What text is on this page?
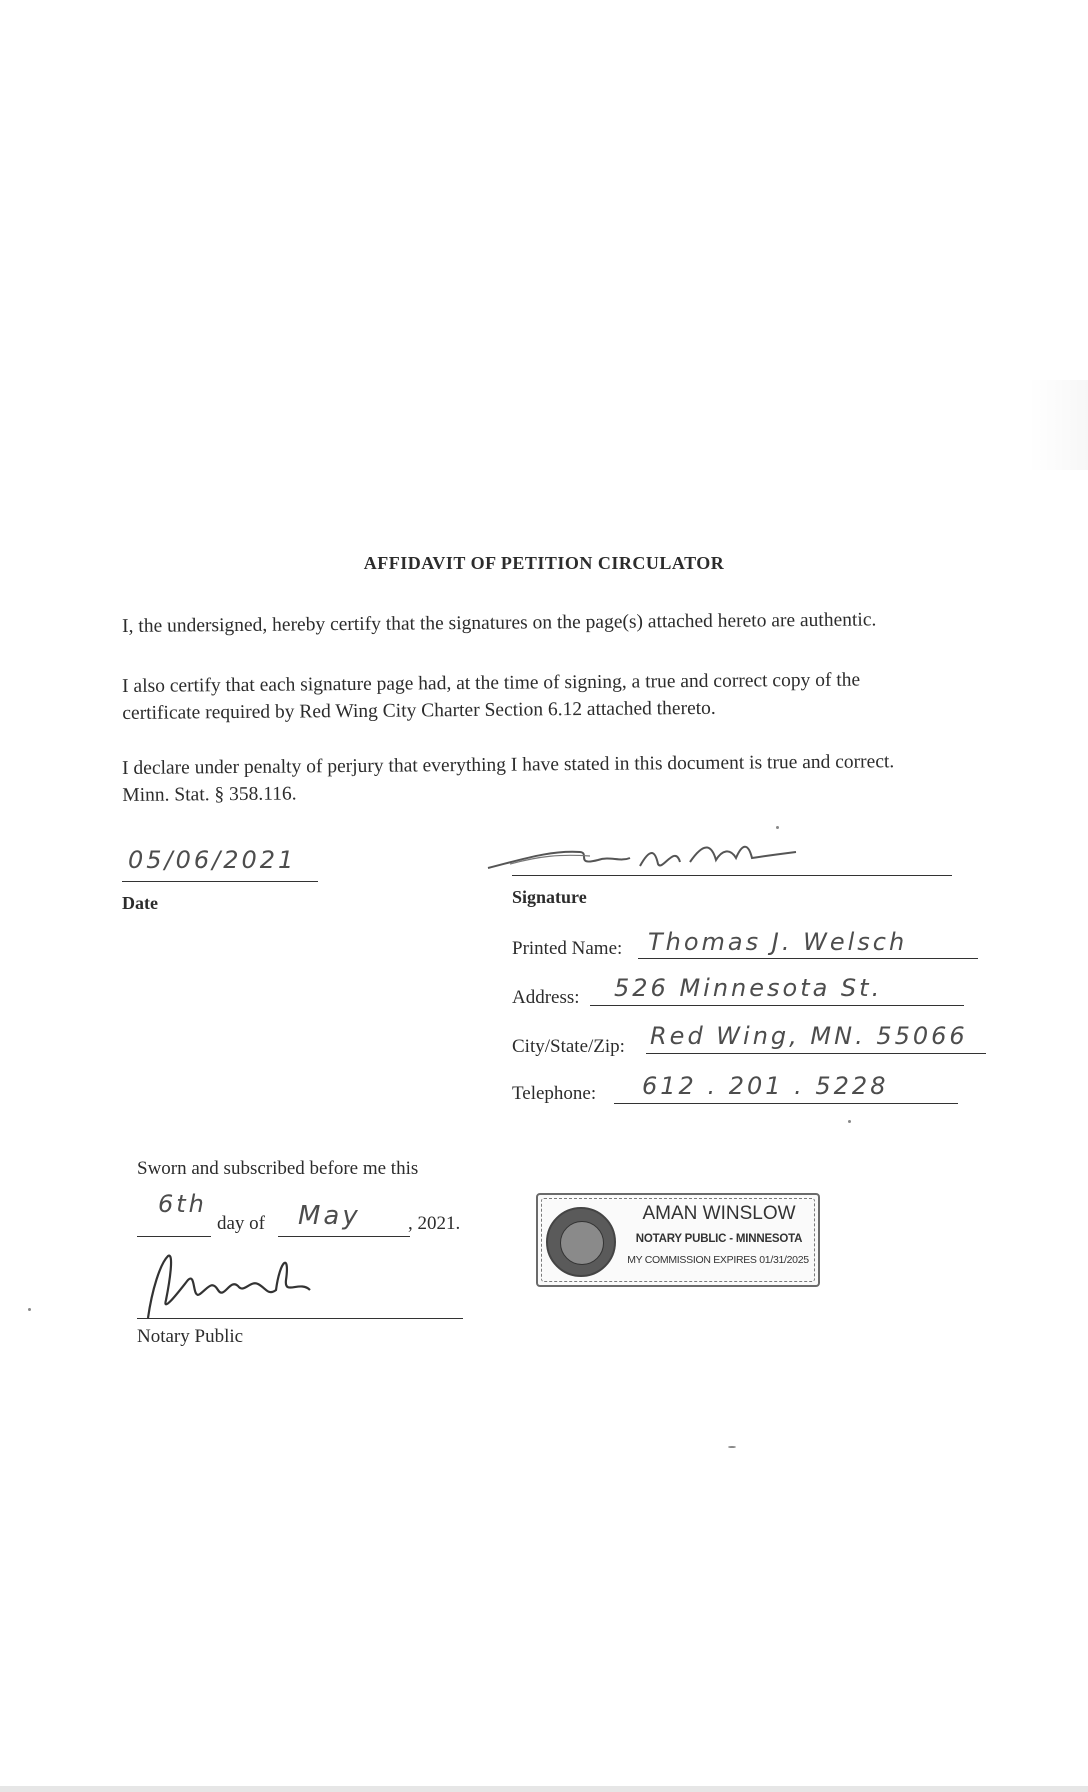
AFFIDAVIT OF PETITION CIRCULATOR
I, the undersigned, hereby certify that the signatures on the page(s) attached hereto are authentic.
I also certify that each signature page had, at the time of signing, a true and correct copy of the
certificate required by Red Wing City Charter Section 6.12 attached thereto.
I declare under penalty of perjury that everything I have stated in this document is true and correct.
Minn. Stat. § 358.116.
05/06/2021
Date	Signature
Printed Name: Thomas J. Welsch
Address: 526 Minnesota St.
City/State/Zip: Red Wing, MN. 55066
Telephone: 612 . 201 . 5228
Sworn and subscribed before me this
6th
day of May , 2021.
Notary Public
AMAN WINSLOW
NOTARY PUBLIC - MINNESOTA
MY COMMISSION EXPIRES 01/31/2025
